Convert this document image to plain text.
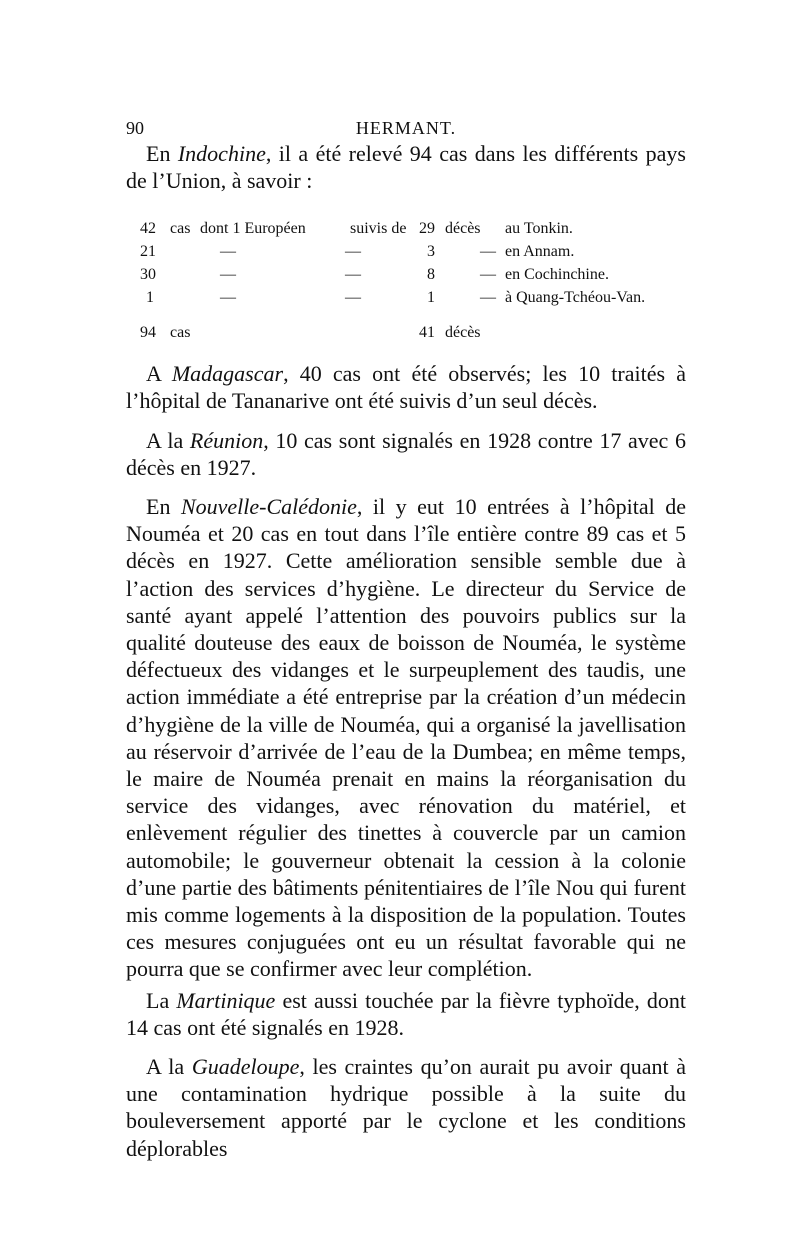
90	HERMANT.

En Indochine, il a été relevé 94 cas dans les différents pays de l’Union, à savoir :

42 cas dont 1 Européen	suivis de 29 décès au Tonkin.
21	—	—	3	— en Annam.
30	—	—	8	— en Cochinchine.
1	—	—	1	— à Quang-Tchéou-Van.
94 cas	41 décès

A Madagascar, 40 cas ont été observés; les 10 traités à l’hôpital de Tananarive ont été suivis d’un seul décès.

A la Réunion, 10 cas sont signalés en 1928 contre 17 avec 6 décès en 1927.

En Nouvelle-Calédonie, il y eut 10 entrées à l’hôpital de Nouméa et 20 cas en tout dans l’île entière contre 89 cas et 5 décès en 1927. Cette amélioration sensible semble due à l’action des services d’hygiène. Le directeur du Service de santé ayant appelé l’attention des pouvoirs publics sur la qualité douteuse des eaux de boisson de Nouméa, le système défectueux des vidanges et le surpeuplement des taudis, une action immédiate a été entreprise par la création d’un médecin d’hygiène de la ville de Nouméa, qui a organisé la javellisation au réservoir d’arrivée de l’eau de la Dumbea; en même temps, le maire de Nouméa prenait en mains la réorganisation du service des vidanges, avec rénovation du matériel, et enlèvement régulier des tinettes à couvercle par un camion automobile; le gouverneur obtenait la cession à la colonie d’une partie des bâtiments pénitentiaires de l’île Nou qui furent mis comme logements à la disposition de la population. Toutes ces mesures conjuguées ont eu un résultat favorable qui ne pourra que se confirmer avec leur complétion.

La Martinique est aussi touchée par la fièvre typhoïde, dont 14 cas ont été signalés en 1928.

A la Guadeloupe, les craintes qu’on aurait pu avoir quant à une contamination hydrique possible à la suite du bouleversement apporté par le cyclone et les conditions déplorables
